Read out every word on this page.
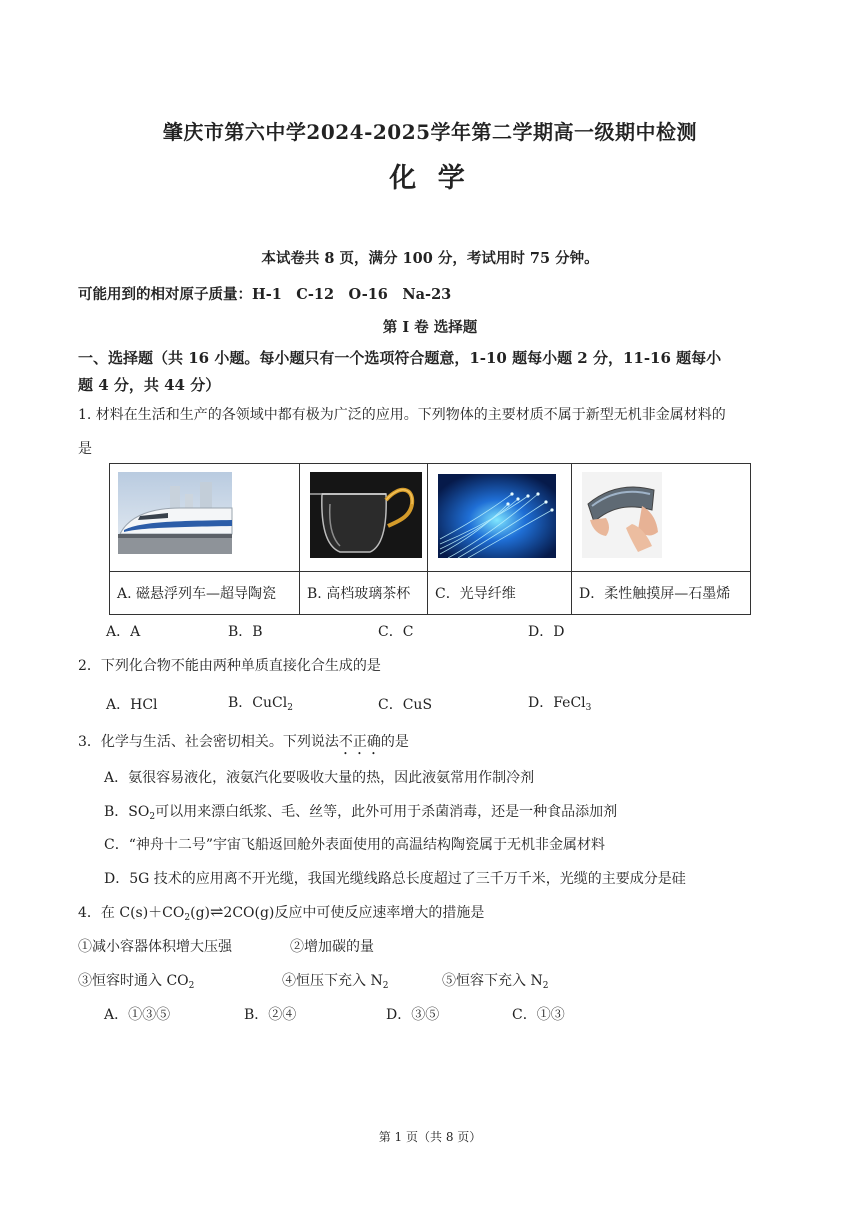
肇庆市第六中学2024-2025学年第二学期高一级期中检测
化 学
本试卷共 8 页，满分 100 分，考试用时 75 分钟。
可能用到的相对原子质量：H-1　C-12　O-16　Na-23
第 I 卷 选择题
一、选择题（共 16 小题。每小题只有一个选项符合题意，1-10 题每小题 2 分，11-16 题每小
题 4 分，共 44 分）
1. 材料在生活和生产的各领域中都有极为广泛的应用。下列物体的主要材质不属于新型无机非金属材料的
是

A. 磁悬浮列车—超导陶瓷	B. 高档玻璃茶杯	C．光导纤维	D．柔性触摸屏—石墨烯
A．A	B．B	C．C	D．D
2．下列化合物不能由两种单质直接化合生成的是
A．HCl	B．CuCl$_2$	C．CuS	D．FeCl$_3$
3．化学与生活、社会密切相关。下列说法不正确的是
A．氨很容易液化，液氨汽化要吸收大量的热，因此液氨常用作制冷剂
B．$SO_2$可以用来漂白纸浆、毛、丝等，此外可用于杀菌消毒，还是一种食品添加剂
C．“神舟十二号”宇宙飞船返回舱外表面使用的高温结构陶瓷属于无机非金属材料
D．5G 技术的应用离不开光缆，我国光缆线路总长度超过了三千万千米，光缆的主要成分是硅
4．在 $C(s)+CO_2(g)\rightleftharpoons 2CO(g)$反应中可使反应速率增大的措施是
①减小容器体积增大压强	②增加碳的量
③恒容时通入 $CO_2$	④恒压下充入 $N_2$	⑤恒容下充入 $N_2$
A．①③⑤	B．②④	D．③⑤	C．①③
第 1 页（共 8 页）
